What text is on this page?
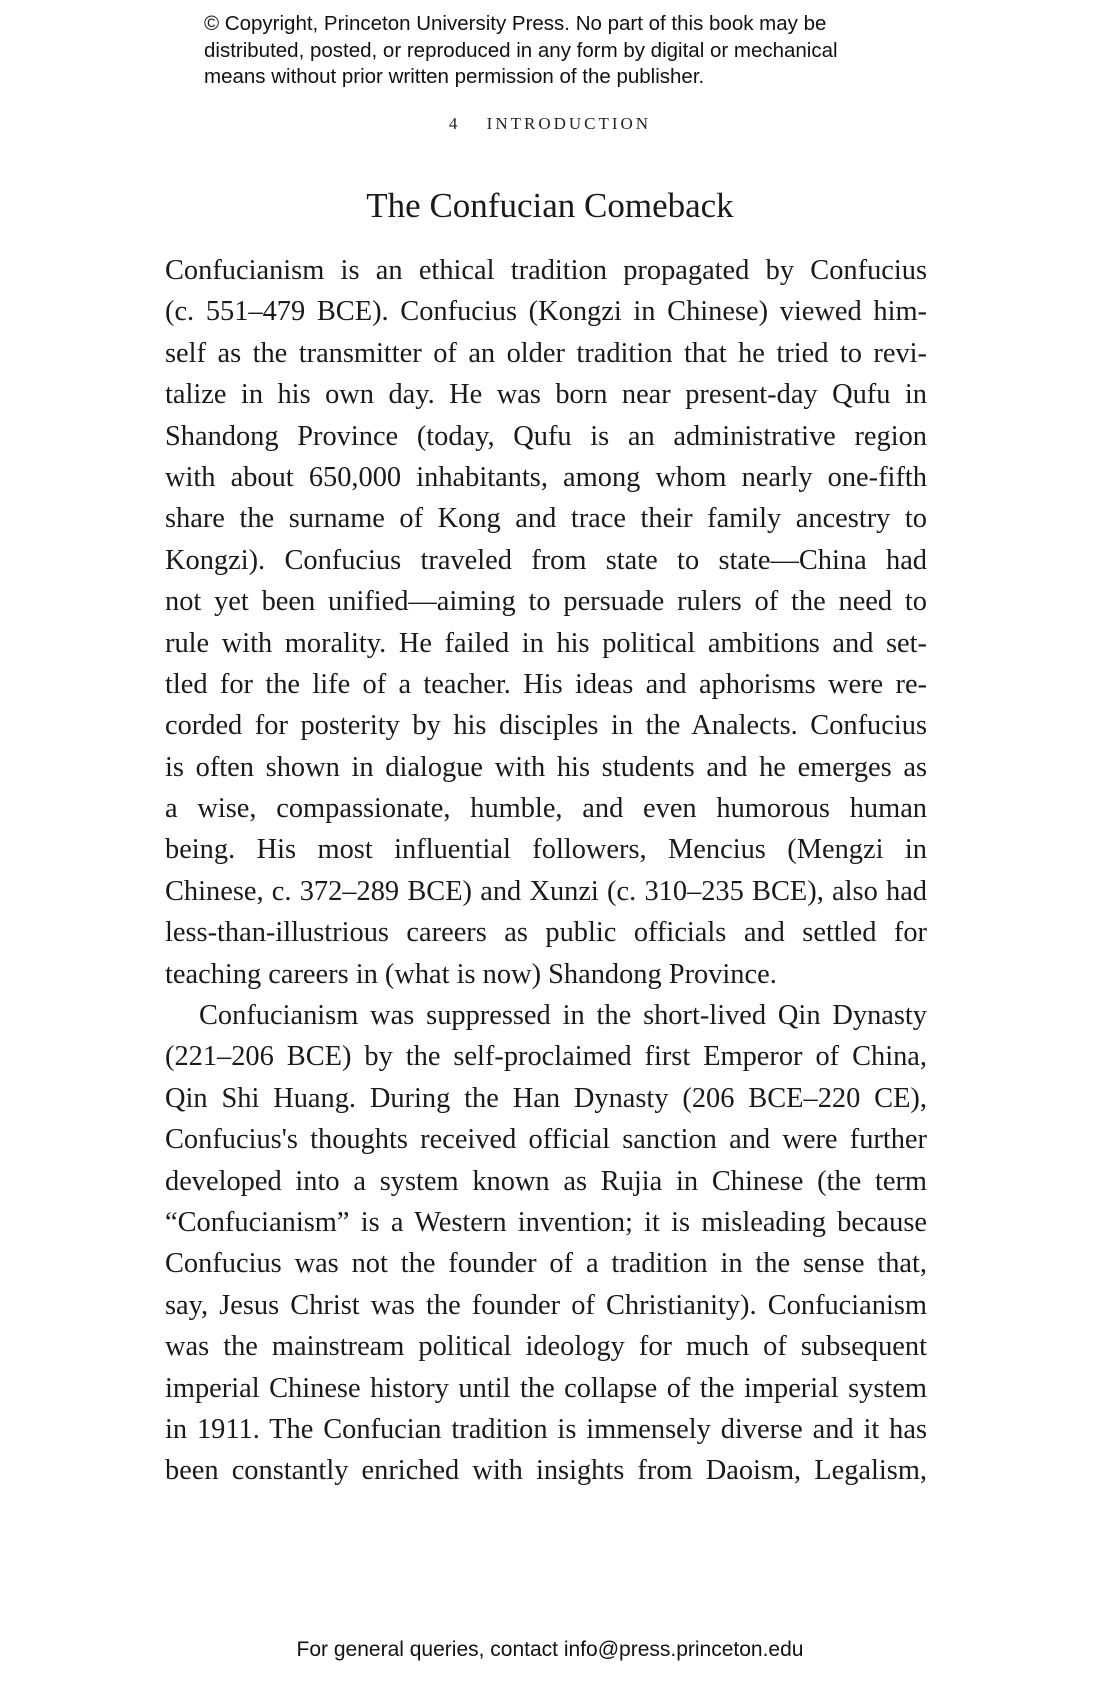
© Copyright, Princeton University Press. No part of this book may be
distributed, posted, or reproduced in any form by digital or mechanical
means without prior written permission of the publisher.
4 INTRODUCTION
The Confucian Comeback
Confucianism is an ethical tradition propagated by Confucius
(c. 551–479 BCE). Confucius (Kongzi in Chinese) viewed him-
self as the transmitter of an older tradition that he tried to revi-
talize in his own day. He was born near present-day Qufu in
Shandong Province (today, Qufu is an administrative region
with about 650,000 inhabitants, among whom nearly one-fifth
share the surname of Kong and trace their family ancestry to
Kongzi). Confucius traveled from state to state—China had
not yet been unified—aiming to persuade rulers of the need to
rule with morality. He failed in his political ambitions and set-
tled for the life of a teacher. His ideas and aphorisms were re-
corded for posterity by his disciples in the Analects. Confucius
is often shown in dialogue with his students and he emerges as
a wise, compassionate, humble, and even humorous human
being. His most influential followers, Mencius (Mengzi in
Chinese, c. 372–289 BCE) and Xunzi (c. 310–235 BCE), also had
less-than-illustrious careers as public officials and settled for
teaching careers in (what is now) Shandong Province.
Confucianism was suppressed in the short-lived Qin Dynasty
(221–206 BCE) by the self-proclaimed first Emperor of China,
Qin Shi Huang. During the Han Dynasty (206 BCE–220 CE),
Confucius's thoughts received official sanction and were further
developed into a system known as Rujia in Chinese (the term
“Confucianism” is a Western invention; it is misleading because
Confucius was not the founder of a tradition in the sense that,
say, Jesus Christ was the founder of Christianity). Confucianism
was the mainstream political ideology for much of subsequent
imperial Chinese history until the collapse of the imperial system
in 1911. The Confucian tradition is immensely diverse and it has
been constantly enriched with insights from Daoism, Legalism,
For general queries, contact info@press.princeton.edu
